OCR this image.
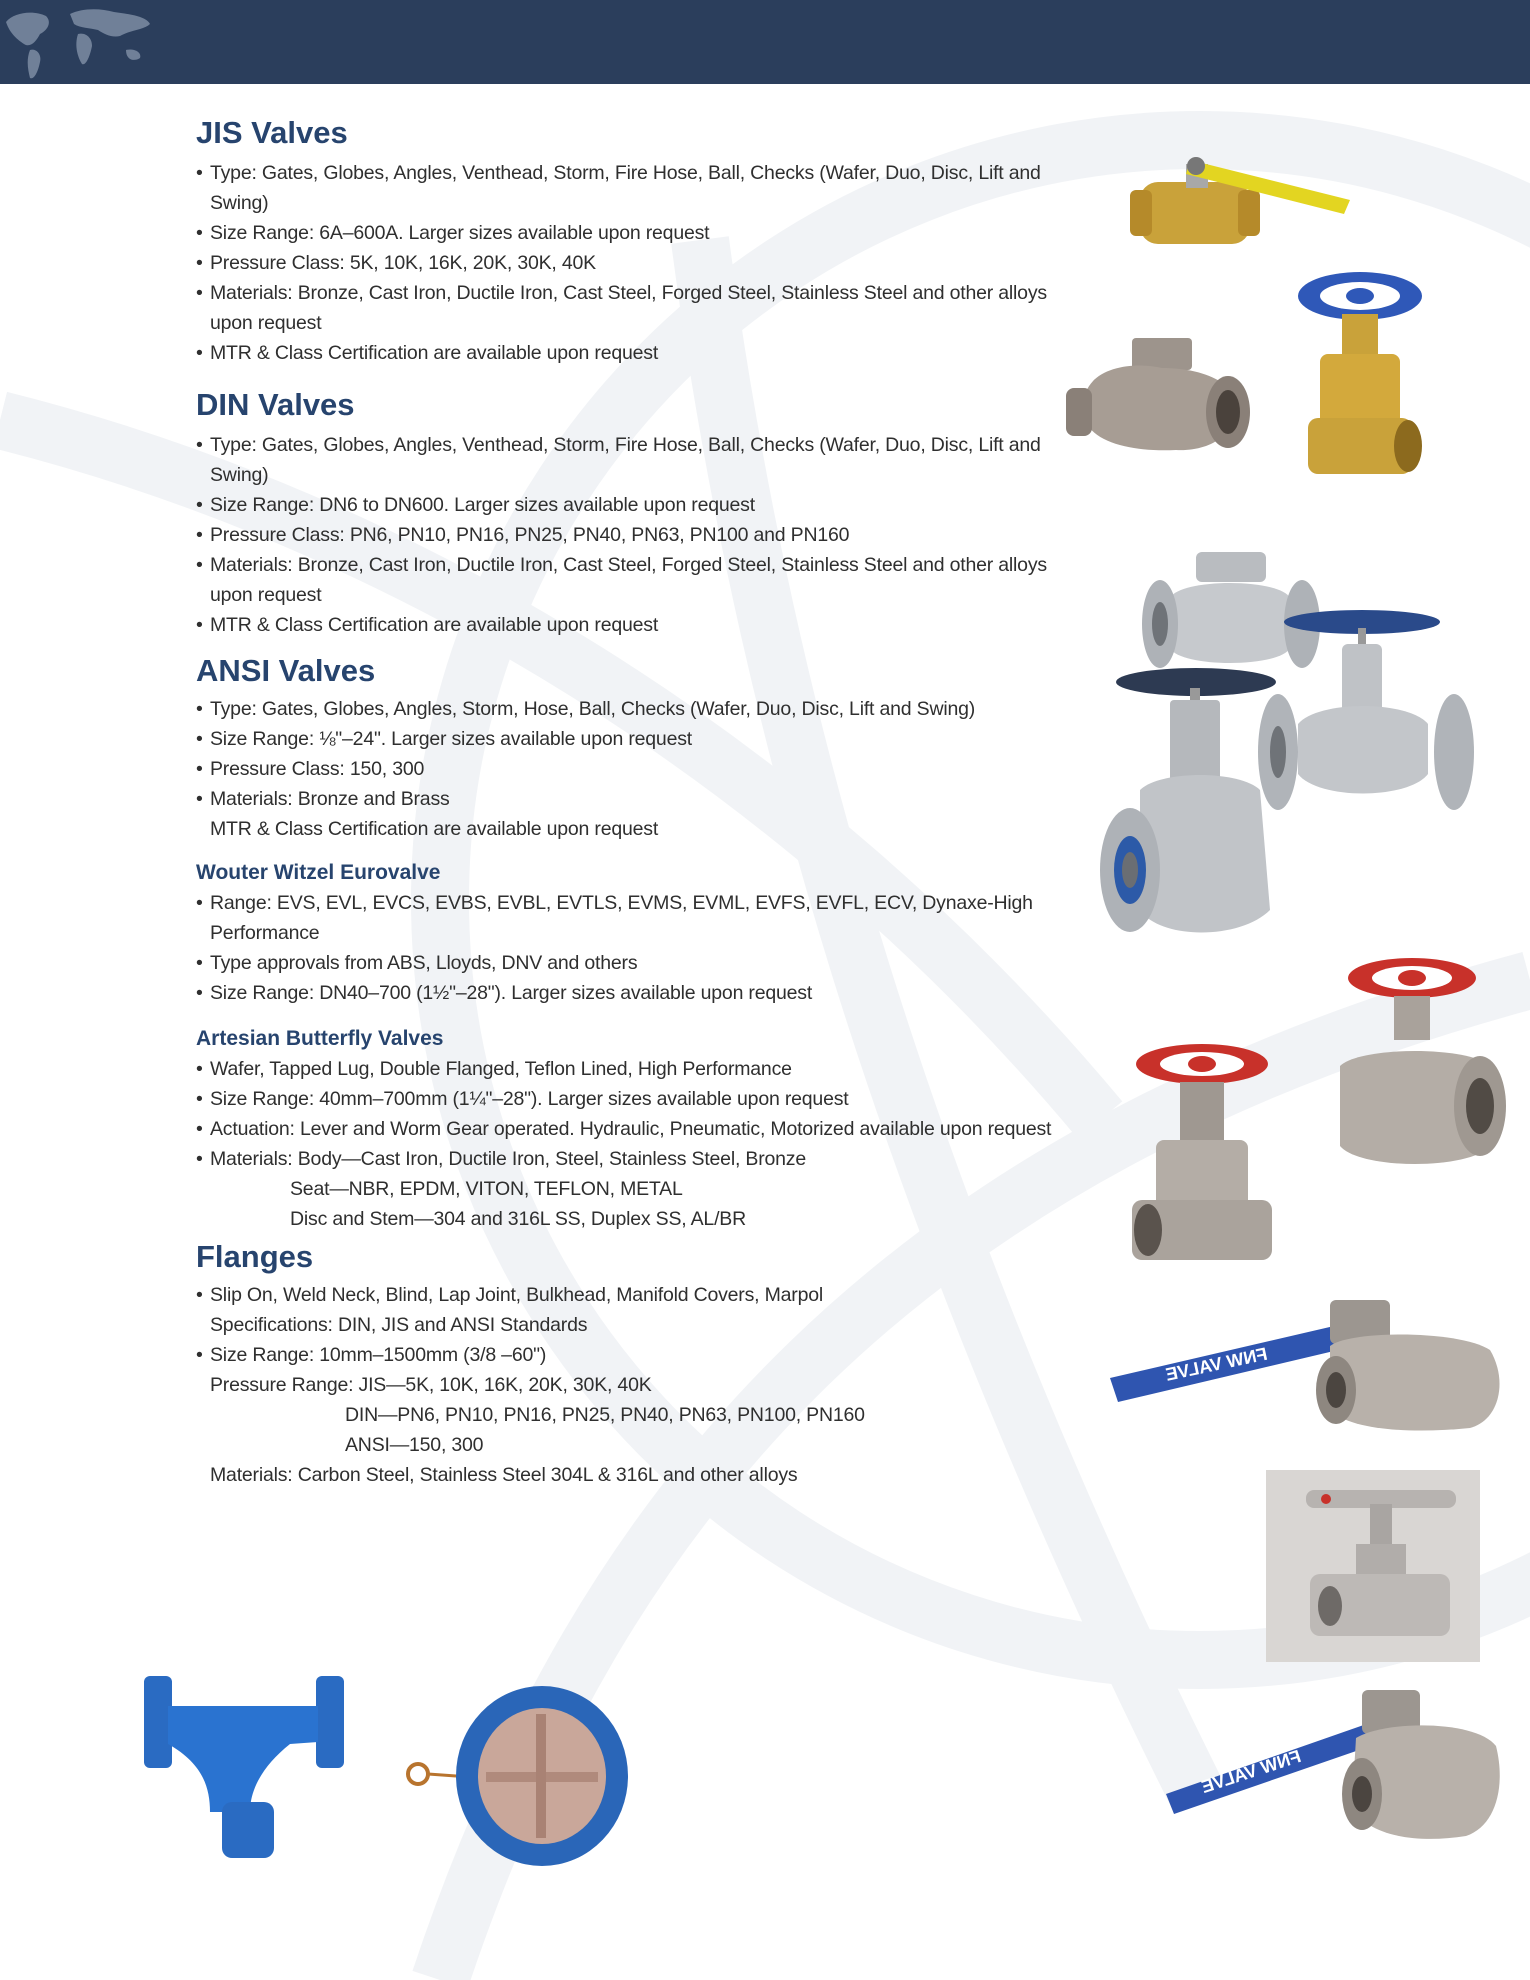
JIS Valves
• Type: Gates, Globes, Angles, Venthead, Storm, Fire Hose, Ball, Checks (Wafer, Duo, Disc, Lift and Swing)
• Size Range: 6A–600A. Larger sizes available upon request
• Pressure Class: 5K, 10K, 16K, 20K, 30K, 40K
• Materials: Bronze, Cast Iron, Ductile Iron, Cast Steel, Forged Steel, Stainless Steel and other alloys
upon request
• MTR & Class Certification are available upon request
DIN Valves
• Type: Gates, Globes, Angles, Venthead, Storm, Fire Hose, Ball, Checks (Wafer, Duo, Disc, Lift and Swing)
• Size Range: DN6 to DN600. Larger sizes available upon request
• Pressure Class: PN6, PN10, PN16, PN25, PN40, PN63, PN100 and PN160
• Materials: Bronze, Cast Iron, Ductile Iron, Cast Steel, Forged Steel, Stainless Steel and other alloys
upon request
• MTR & Class Certification are available upon request
ANSI Valves
• Type: Gates, Globes, Angles, Storm, Hose, Ball, Checks (Wafer, Duo, Disc, Lift and Swing)
• Size Range: ⅛"–24". Larger sizes available upon request
• Pressure Class: 150, 300
• Materials: Bronze and Brass
MTR & Class Certification are available upon request
Wouter Witzel Eurovalve
• Range: EVS, EVL, EVCS, EVBS, EVBL, EVTLS, EVMS, EVML, EVFS, EVFL, ECV, Dynaxe-High Performance
• Type approvals from ABS, Lloyds, DNV and others
• Size Range: DN40–700 (1½"–28"). Larger sizes available upon request
Artesian Butterfly Valves
• Wafer, Tapped Lug, Double Flanged, Teflon Lined, High Performance
• Size Range: 40mm–700mm (1¼"–28"). Larger sizes available upon request
• Actuation: Lever and Worm Gear operated. Hydraulic, Pneumatic, Motorized available upon request
• Materials: Body—Cast Iron, Ductile Iron, Steel, Stainless Steel, Bronze
Seat—NBR, EPDM, VITON, TEFLON, METAL
Disc and Stem—304 and 316L SS, Duplex SS, AL/BR
Flanges
• Slip On, Weld Neck, Blind, Lap Joint, Bulkhead, Manifold Covers, Marpol
Specifications: DIN, JIS and ANSI Standards
• Size Range: 10mm–1500mm (3/8 –60")
Pressure Range: JIS—5K, 10K, 16K, 20K, 30K, 40K
DIN—PN6, PN10, PN16, PN25, PN40, PN63, PN100, PN160
ANSI—150, 300
Materials: Carbon Steel, Stainless Steel 304L & 316L and other alloys
FNW VALVE
FNW VALVE
